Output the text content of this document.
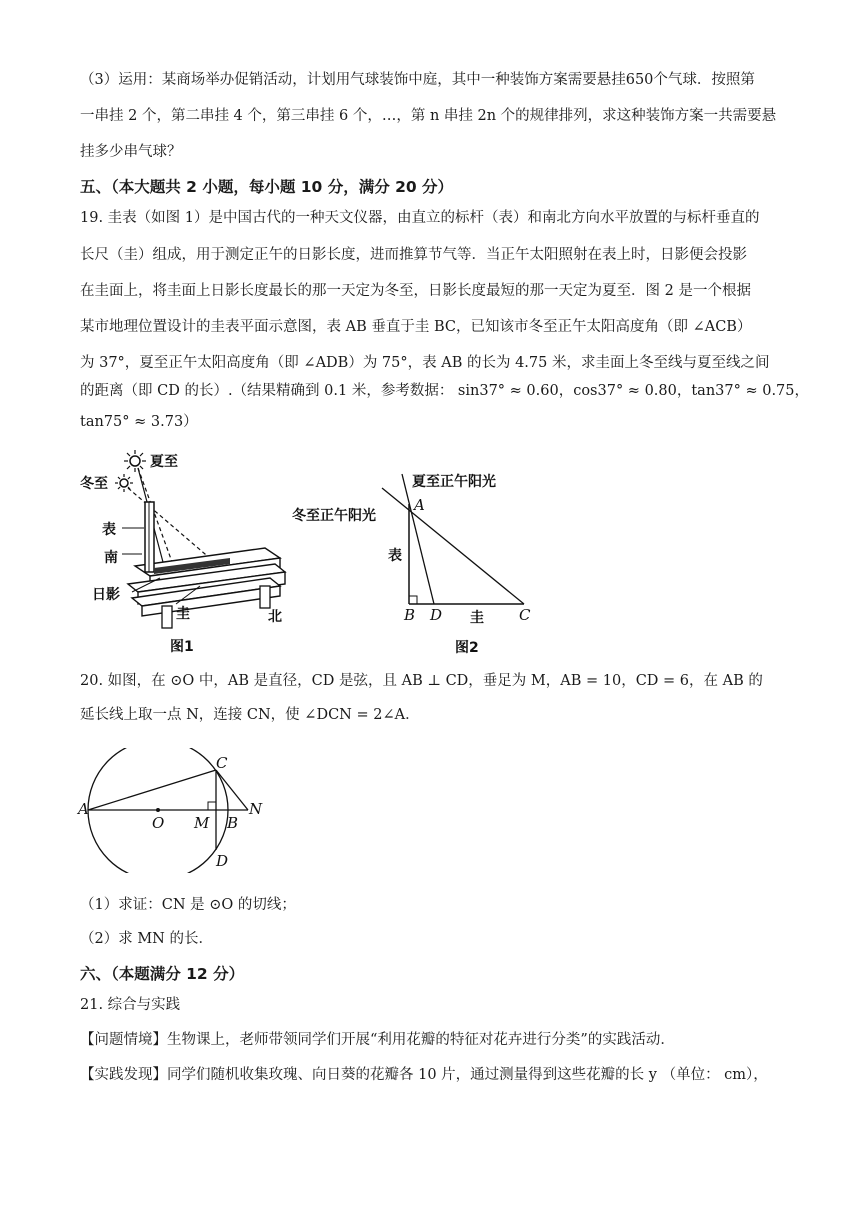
（3）运用：某商场举办促销活动，计划用气球装饰中庭，其中一种装饰方案需要悬挂650个气球．按照第
一串挂 2 个，第二串挂 4 个，第三串挂 6 个，…，第 n 串挂 2n 个的规律排列，求这种装饰方案一共需要悬
挂多少串气球？
五、（本大题共 2 小题，每小题 10 分，满分 20 分）
19. 圭表（如图 1）是中国古代的一种天文仪器，由直立的标杆（表）和南北方向水平放置的与标杆垂直的
长尺（圭）组成，用于测定正午的日影长度，进而推算节气等．当正午太阳照射在表上时，日影便会投影
在圭面上，将圭面上日影长度最长的那一天定为冬至，日影长度最短的那一天定为夏至．图 2 是一个根据
某市地理位置设计的圭表平面示意图，表 AB 垂直于圭 BC，已知该市冬至正午太阳高度角（即 ∠ACB）
为 37°，夏至正午太阳高度角（即 ∠ADB）为 75°，表 AB 的长为 4.75 米，求圭面上冬至线与夏至线之间
的距离（即 CD 的长）.（结果精确到 0.1 米，参考数据： sin37° ≈ 0.60，cos37° ≈ 0.80，tan37° ≈ 0.75，
tan75° ≈ 3.73）
夏至
冬至
表
南
日影
圭	北
图1
夏至正午阳光
冬至正午阳光
A
B D	C
表
圭
图2
20. 如图，在 ⊙O 中，AB 是直径，CD 是弦，且 AB ⊥ CD，垂足为 M，AB = 10，CD = 6，在 AB 的
延长线上取一点 N，连接 CN，使 ∠DCN = 2∠A．
A
O M B
N
C
D
（1）求证：CN 是 ⊙O 的切线；
（2）求 MN 的长．
六、（本题满分 12 分）
21. 综合与实践
【问题情境】生物课上，老师带领同学们开展“利用花瓣的特征对花卉进行分类”的实践活动．
【实践发现】同学们随机收集玫瑰、向日葵的花瓣各 10 片，通过测量得到这些花瓣的长 y （单位： cm），
